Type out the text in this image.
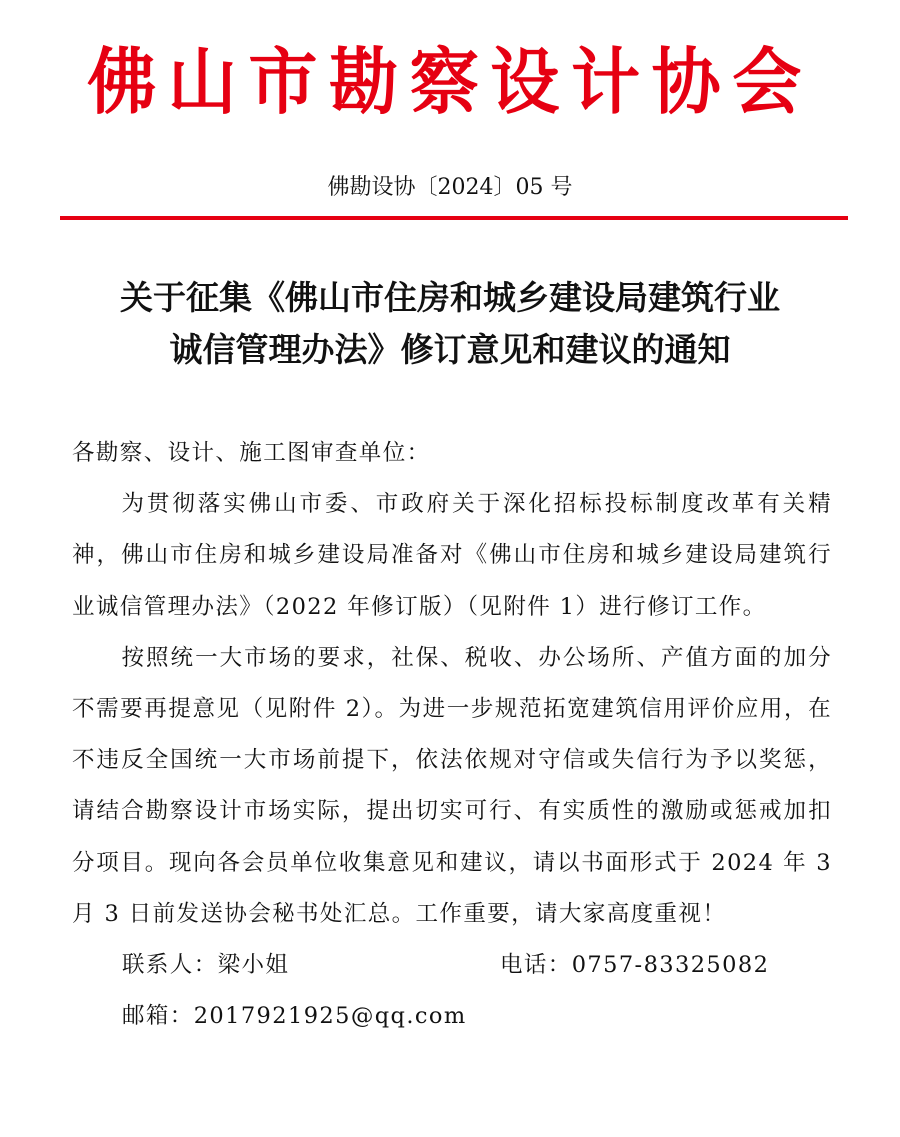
佛山市勘察设计协会
佛勘设协〔2024〕05 号
关于征集《佛山市住房和城乡建设局建筑行业
诚信管理办法》修订意见和建议的通知

各勘察、设计、施工图审查单位：

为贯彻落实佛山市委、市政府关于深化招标投标制度改革有关精神，佛山市住房和城乡建设局准备对《佛山市住房和城乡建设局建筑行业诚信管理办法》（2022 年修订版）（见附件 1）进行修订工作。

按照统一大市场的要求，社保、税收、办公场所、产值方面的加分不需要再提意见（见附件 2）。为进一步规范拓宽建筑信用评价应用，在不违反全国统一大市场前提下，依法依规对守信或失信行为予以奖惩，请结合勘察设计市场实际，提出切实可行、有实质性的激励或惩戒加扣分项目。现向各会员单位收集意见和建议，请以书面形式于 2024 年 3 月 3 日前发送协会秘书处汇总。工作重要，请大家高度重视！

联系人：梁小姐	电话：0757-83325082
邮箱：2017921925@qq.com
